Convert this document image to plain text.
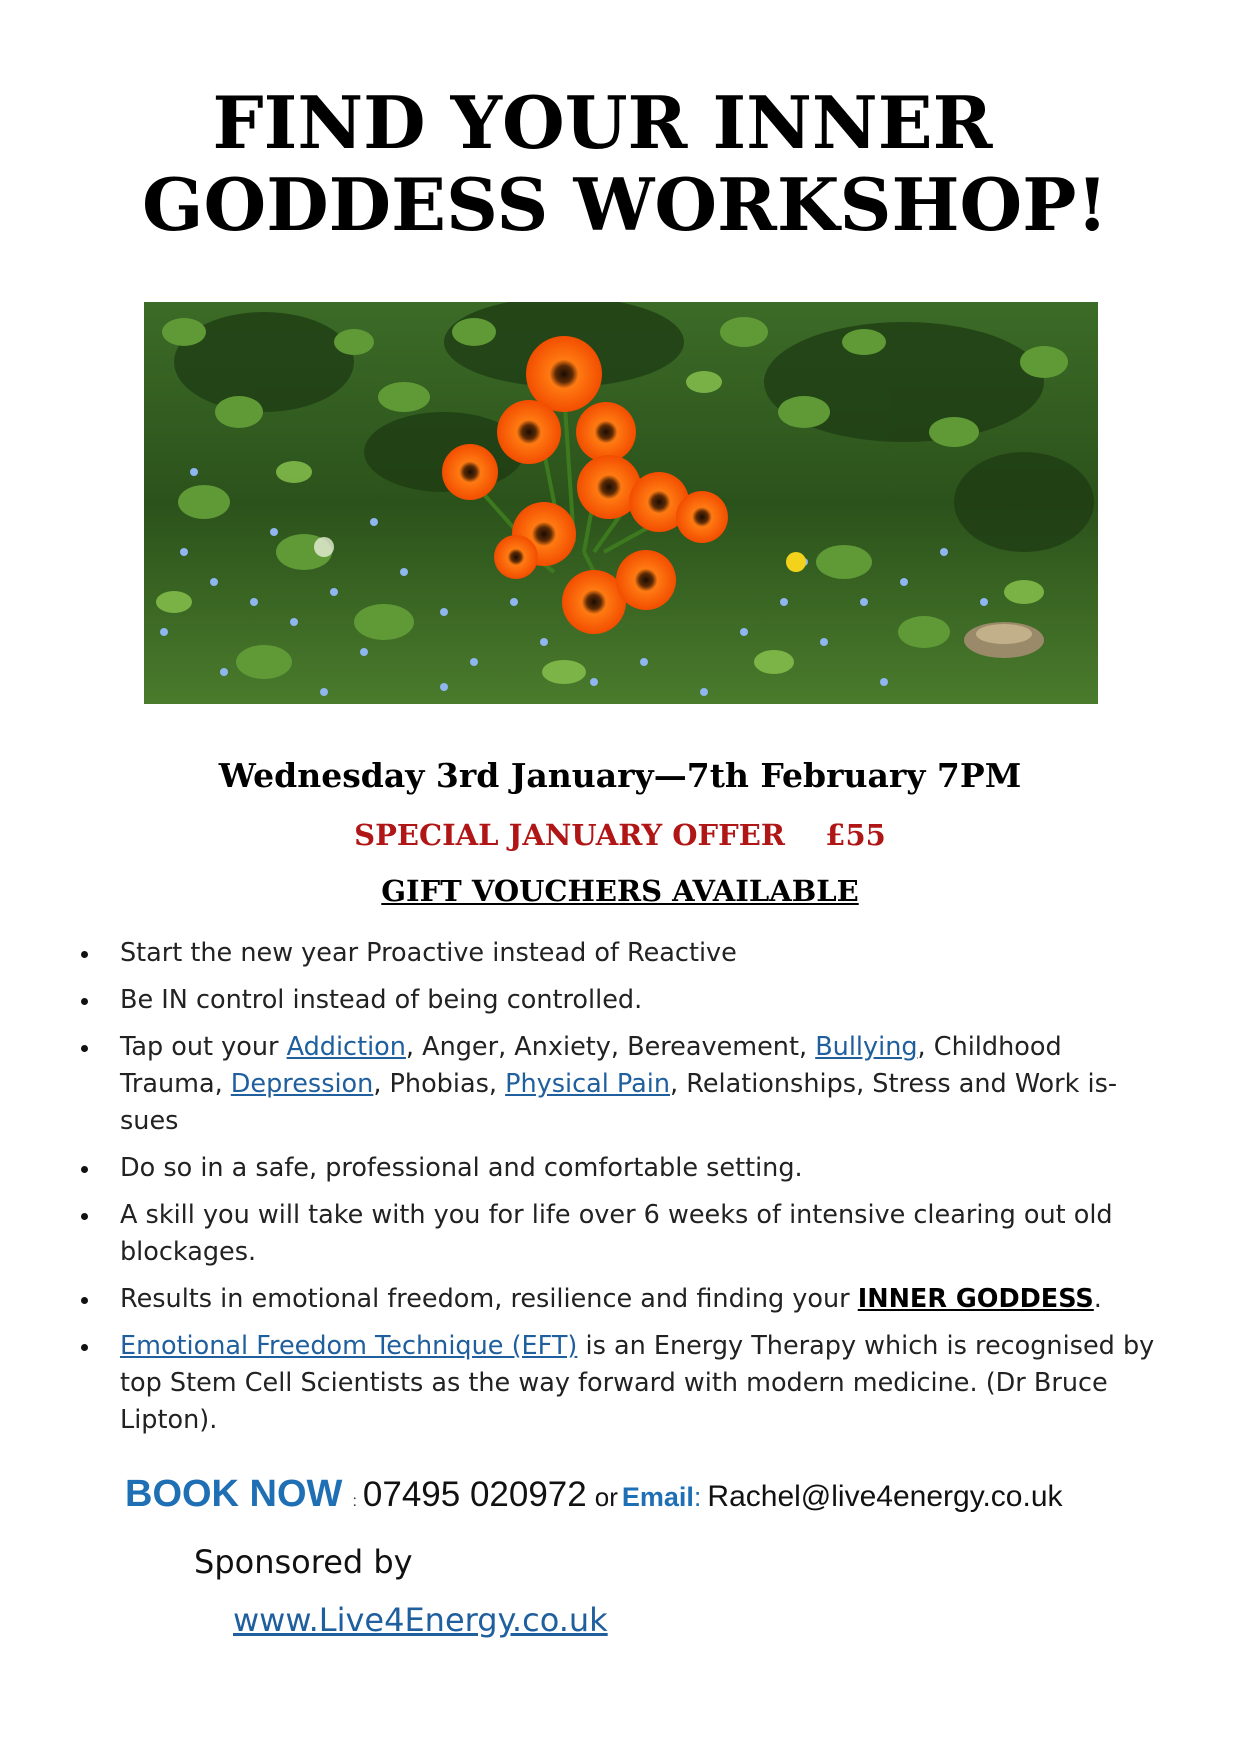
FIND YOUR INNER
GODDESS WORKSHOP!
Wednesday 3rd January—7th February 7PM
SPECIAL JANUARY OFFER    £55
GIFT VOUCHERS AVAILABLE
Start the new year Proactive instead of Reactive
Be IN control instead of being controlled.
Tap out your Addiction, Anger, Anxiety, Bereavement, Bullying, Childhood Trauma, Depression, Phobias, Physical Pain, Relationships, Stress and Work is-sues
Do so in a safe, professional and comfortable setting.
A skill you will take with you for life over 6 weeks of intensive clearing out old blockages.
Results in emotional freedom, resilience and finding your INNER GODDESS.
Emotional Freedom Technique (EFT) is an Energy Therapy which is recognised by top Stem Cell Scientists as the way forward with modern medicine. (Dr Bruce Lipton).
BOOK NOW : 07495 020972 or Email: Rachel@live4energy.co.uk
Sponsored by
www.Live4Energy.co.uk
